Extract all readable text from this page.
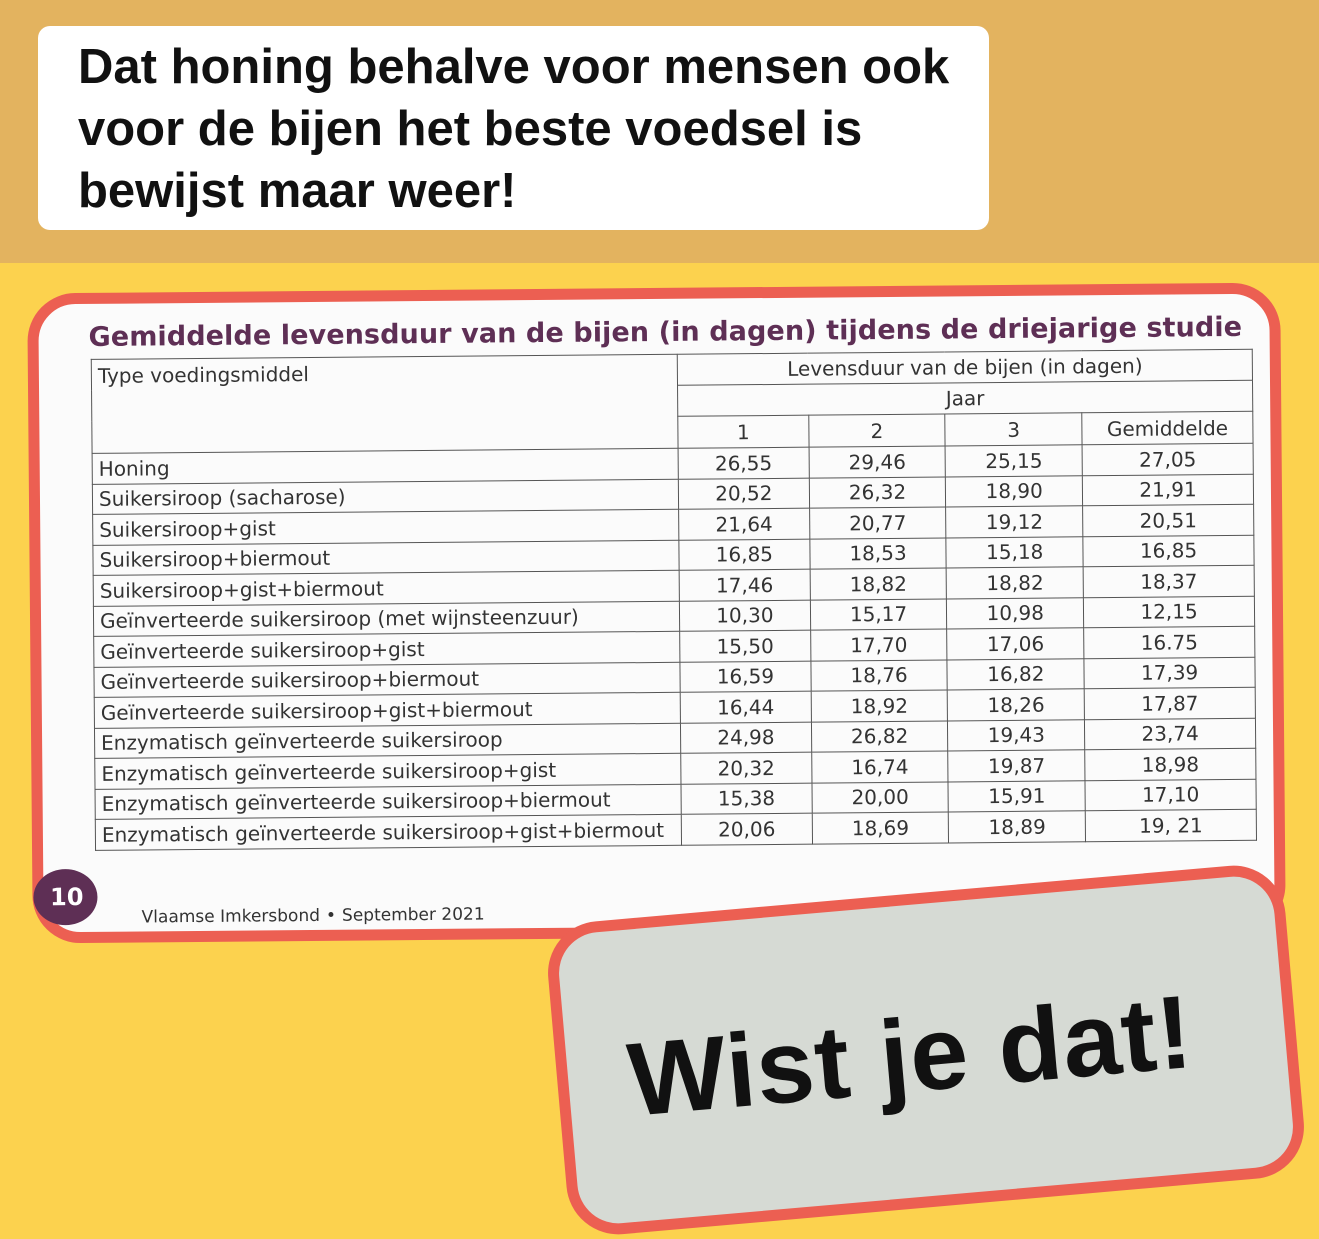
Dat honing behalve voor mensen ook
voor de bijen het beste voedsel is
bewijst maar weer!
Gemiddelde levensduur van de bijen (in dagen) tijdens de driejarige studie
Type voedingsmiddel	Levensduur van de bijen (in dagen)			
	Jaar			
	1	2	3	Gemiddelde
Honing	26,55	29,46	25,15	27,05
Suikersiroop (sacharose)	20,52	26,32	18,90	21,91
Suikersiroop+gist	21,64	20,77	19,12	20,51
Suikersiroop+biermout	16,85	18,53	15,18	16,85
Suikersiroop+gist+biermout	17,46	18,82	18,82	18,37
Geïnverteerde suikersiroop (met wijnsteenzuur)	10,30	15,17	10,98	12,15
Geïnverteerde suikersiroop+gist	15,50	17,70	17,06	16.75
Geïnverteerde suikersiroop+biermout	16,59	18,76	16,82	17,39
Geïnverteerde suikersiroop+gist+biermout	16,44	18,92	18,26	17,87
Enzymatisch geïnverteerde suikersiroop	24,98	26,82	19,43	23,74
Enzymatisch geïnverteerde suikersiroop+gist	20,32	16,74	19,87	18,98
Enzymatisch geïnverteerde suikersiroop+biermout	15,38	20,00	15,91	17,10
Enzymatisch geïnverteerde suikersiroop+gist+biermout	20,06	18,69	18,89	19, 21
10
Vlaamse Imkersbond • September 2021
Wist je dat!
